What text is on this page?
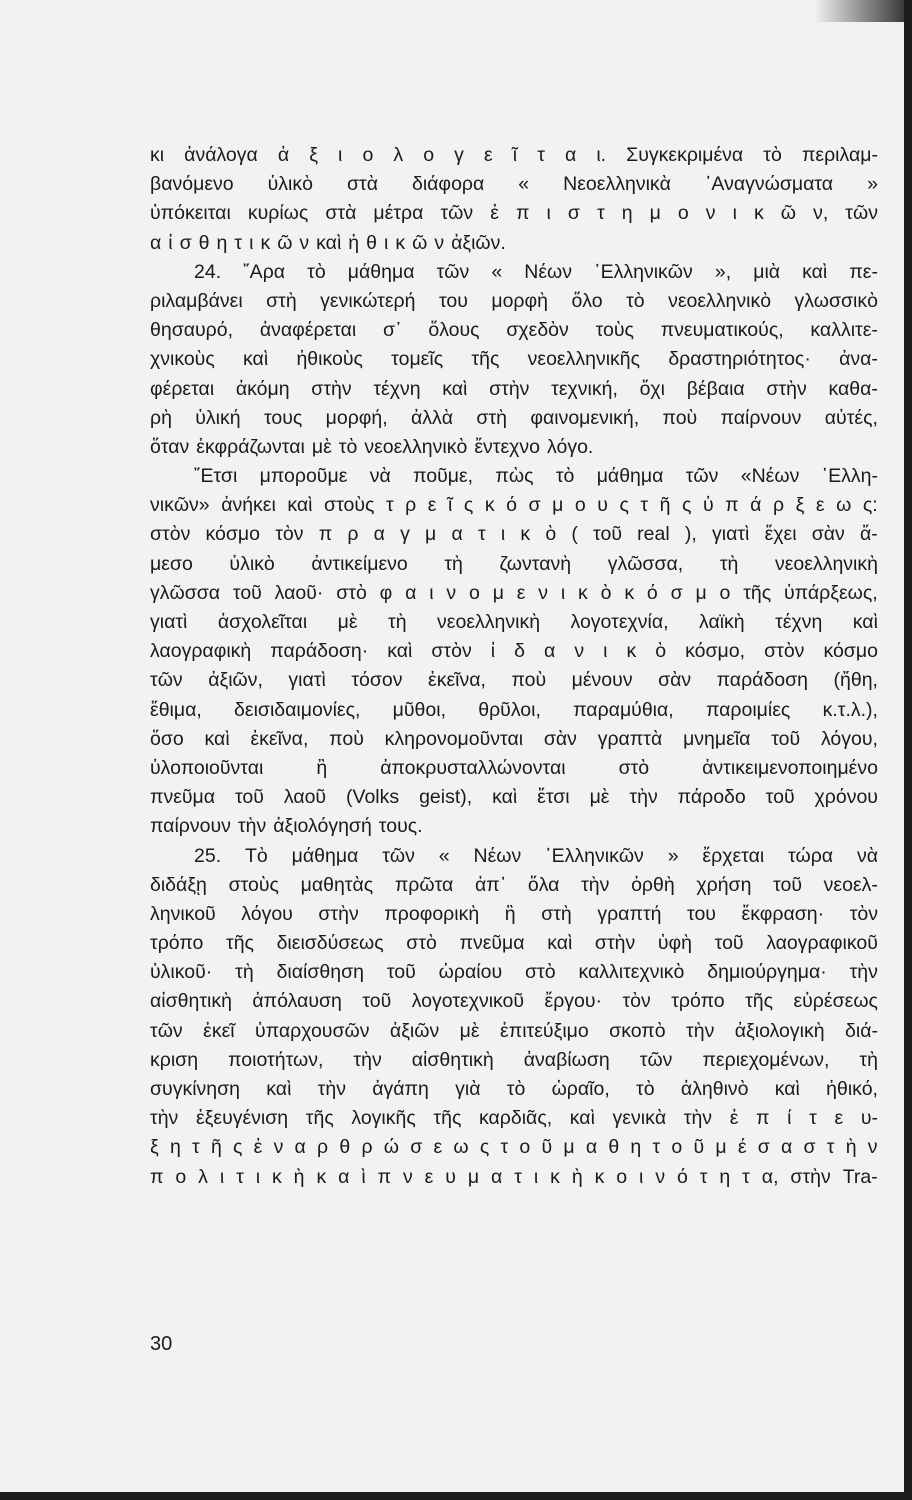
κι ἀνάλογα ἀ ξ ι ο λ ο γ ε ῖ τ α ι. Συγκεκριμένα τὸ περιλαμ-
βανόμενο ὑλικὸ στὰ διάφορα « Νεοελληνικὰ ᾿Αναγνώσματα »
ὑπόκειται κυρίως στὰ μέτρα τῶν ἐ π ι σ τ η μ ο ν ι κ ῶ ν, τῶν
α ἰ σ θ η τ ι κ ῶ ν καὶ ἠ θ ι κ ῶ ν ἀξιῶν.
24. ῎Αρα τὸ μάθημα τῶν « Νέων ῾Ελληνικῶν », μιὰ καὶ πε-
ριλαμβάνει στὴ γενικώτερή του μορφὴ ὅλο τὸ νεοελληνικὸ γλωσσικὸ
θησαυρό, ἀναφέρεται σ᾿ ὅλους σχεδὸν τοὺς πνευματικούς, καλλιτε-
χνικοὺς καὶ ἠθικοὺς τομεῖς τῆς νεοελληνικῆς δραστηριότητος· ἀνα-
φέρεται ἀκόμη στὴν τέχνη καὶ στὴν τεχνική, ὄχι βέβαια στὴν καθα-
ρὴ ὑλική τους μορφή, ἀλλὰ στὴ φαινομενική, ποὺ παίρνουν αὐτές,
ὅταν ἐκφράζωνται μὲ τὸ νεοελληνικὸ ἔντεχνο λόγο.
῎Ετσι μποροῦμε νὰ ποῦμε, πὼς τὸ μάθημα τῶν «Νέων ῾Ελλη-
νικῶν» ἀνήκει καὶ στοὺς τ ρ ε ῖ ς κ ό σ μ ο υ ς τ ῆ ς ὑ π ά ρ ξ ε ω ς:
στὸν κόσμο τὸν π ρ α γ μ α τ ι κ ὸ ( τοῦ real ), γιατὶ ἔχει σὰν ἄ-
μεσο ὑλικὸ ἀντικείμενο τὴ ζωντανὴ γλῶσσα, τὴ νεοελληνικὴ
γλῶσσα τοῦ λαοῦ· στὸ φ α ι ν ο μ ε ν ι κ ὸ κ ό σ μ ο τῆς ὑπάρξεως,
γιατὶ ἀσχολεῖται μὲ τὴ νεοελληνικὴ λογοτεχνία, λαϊκὴ τέχνη καὶ
λαογραφικὴ παράδοση· καὶ στὸν ἰ δ α ν ι κ ὸ κόσμο, στὸν κόσμο
τῶν ἀξιῶν, γιατὶ τόσον ἐκεῖνα, ποὺ μένουν σὰν παράδοση (ἤθη,
ἔθιμα, δεισιδαιμονίες, μῦθοι, θρῦλοι, παραμύθια, παροιμίες κ.τ.λ.),
ὅσο καὶ ἐκεῖνα, ποὺ κληρονομοῦνται σὰν γραπτὰ μνημεῖα τοῦ λόγου,
ὑλοποιοῦνται	ἢ	ἀποκρυσταλλώνονται	στὸ	ἀντικειμενοποιημένο
πνεῦμα τοῦ λαοῦ (Volks geist), καὶ ἔτσι μὲ τὴν πάροδο τοῦ χρόνου
παίρνουν τὴν ἀξιολόγησή τους.
25. Τὸ μάθημα τῶν « Νέων ῾Ελληνικῶν » ἔρχεται τώρα νὰ
διδάξῃ στοὺς μαθητὰς πρῶτα ἀπ᾿ ὅλα τὴν ὀρθὴ χρήση τοῦ νεοελ-
ληνικοῦ λόγου στὴν προφορικὴ ἢ στὴ γραπτή του ἔκφραση· τὸν
τρόπο τῆς διεισδύσεως στὸ πνεῦμα καὶ στὴν ὑφὴ τοῦ λαογραφικοῦ
ὑλικοῦ· τὴ διαίσθηση τοῦ ὡραίου στὸ καλλιτεχνικὸ δημιούργημα· τὴν
αἰσθητικὴ ἀπόλαυση τοῦ λογοτεχνικοῦ ἔργου· τὸν τρόπο τῆς εὑρέσεως
τῶν ἐκεῖ ὑπαρχουσῶν ἀξιῶν μὲ ἐπιτεύξιμο σκοπὸ τὴν ἀξιολογικὴ διά-
κριση ποιοτήτων, τὴν αἰσθητικὴ ἀναβίωση τῶν περιεχομένων, τὴ
συγκίνηση καὶ τὴν ἀγάπη γιὰ τὸ ὡραῖο, τὸ ἀληθινὸ καὶ ἠθικό,
τὴν ἐξευγένιση τῆς λογικῆς τῆς καρδιᾶς, καὶ γενικὰ τὴν ἐ π ί τ ε υ-
ξ η τ ῆ ς ἐ ν α ρ θ ρ ώ σ ε ω ς τ ο ῦ μ α θ η τ ο ῦ μ έ σ α σ τ ὴ ν
π ο λ ι τ ι κ ὴ κ α ὶ π ν ε υ μ α τ ι κ ὴ κ ο ι ν ό τ η τ α, στὴν Tra-
30
